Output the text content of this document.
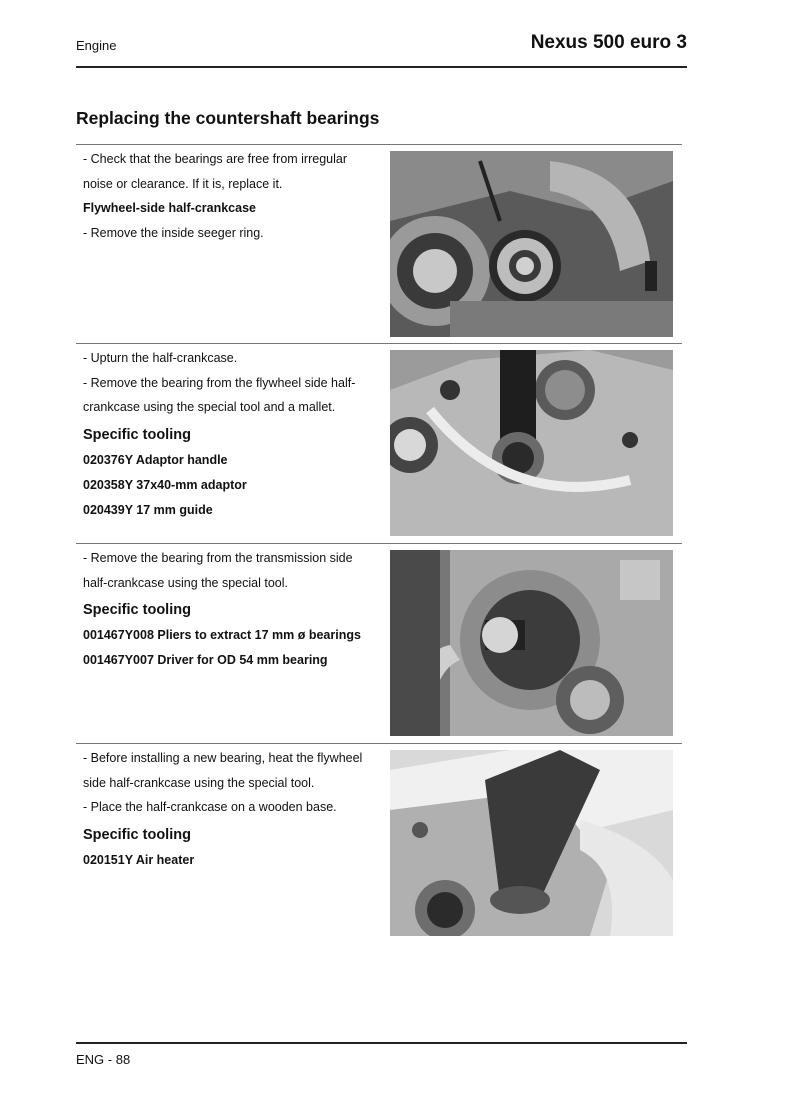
Engine	Nexus 500 euro 3
Replacing the countershaft bearings
- Check that the bearings are free from irregular
noise or clearance. If it is, replace it.
Flywheel-side half-crankcase
- Remove the inside seeger ring.
- Upturn the half-crankcase.
- Remove the bearing from the flywheel side half-
crankcase using the special tool and a mallet.
Specific tooling
020376Y Adaptor handle
020358Y 37x40-mm adaptor
020439Y 17 mm guide
- Remove the bearing from the transmission side
half-crankcase using the special tool.
Specific tooling
001467Y008 Pliers to extract 17 mm ø bearings
001467Y007 Driver for OD 54 mm bearing
- Before installing a new bearing, heat the flywheel
side half-crankcase using the special tool.
- Place the half-crankcase on a wooden base.
Specific tooling
020151Y Air heater
ENG - 88
